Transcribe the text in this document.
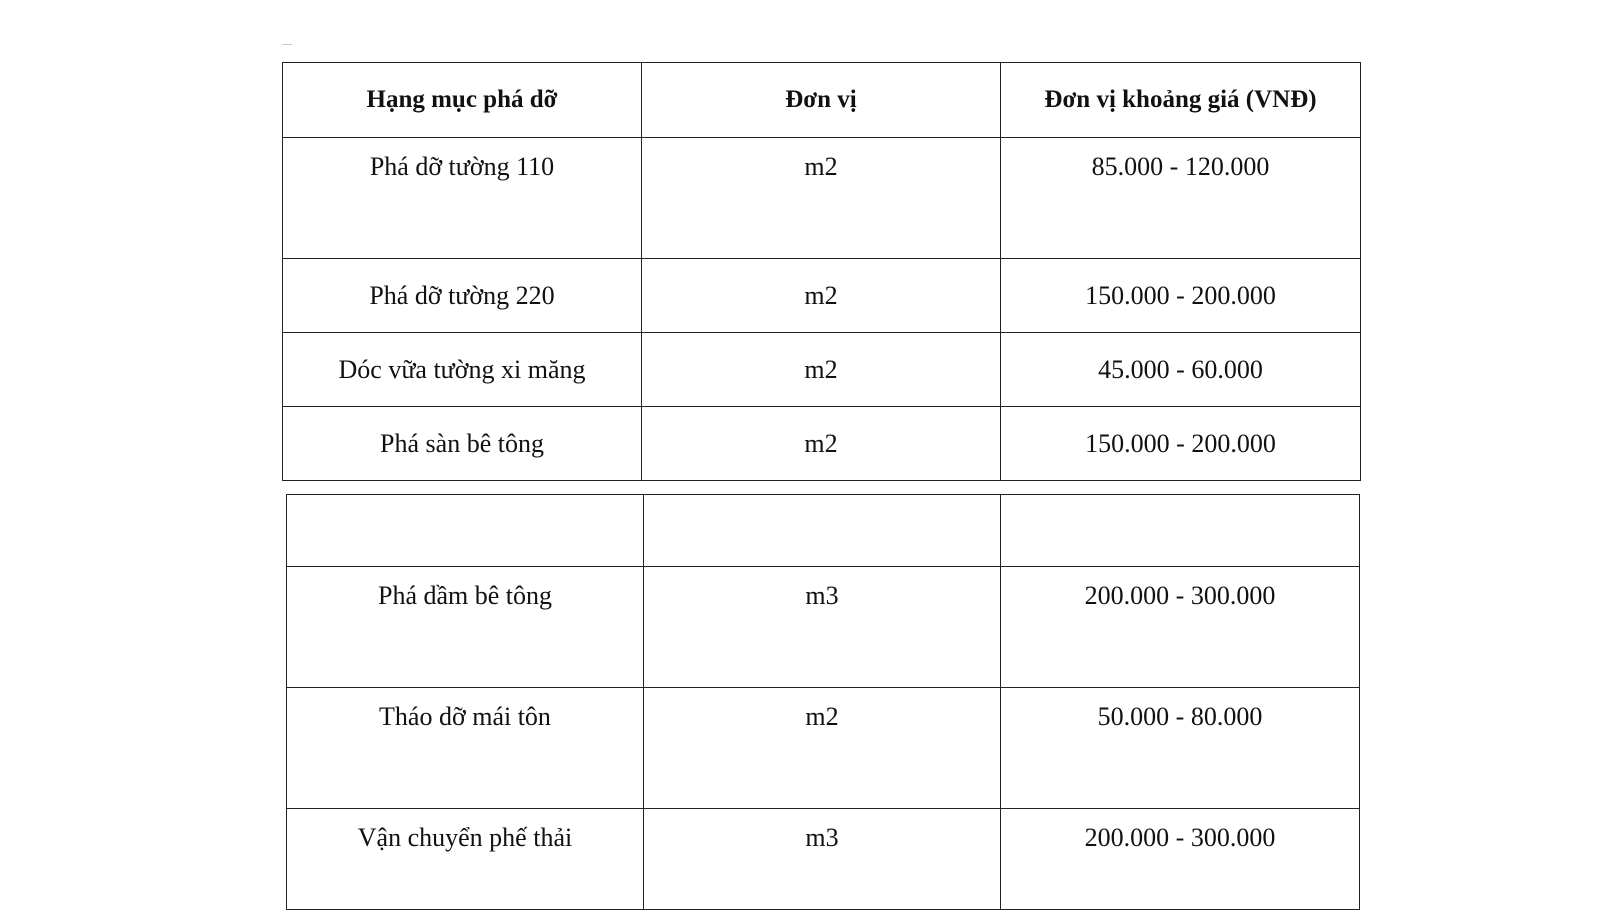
Hạng mục phá dỡ	Đơn vị	Đơn vị khoảng giá (VNĐ)
Phá dỡ tường 110	m2	85.000 - 120.000
Phá dỡ tường 220	m2	150.000 - 200.000
Dóc vữa tường xi măng	m2	45.000 - 60.000
Phá sàn bê tông	m2	150.000 - 200.000

Phá dầm bê tông	m3	200.000 - 300.000
Tháo dỡ mái tôn	m2	50.000 - 80.000
Vận chuyển phế thải	m3	200.000 - 300.000
